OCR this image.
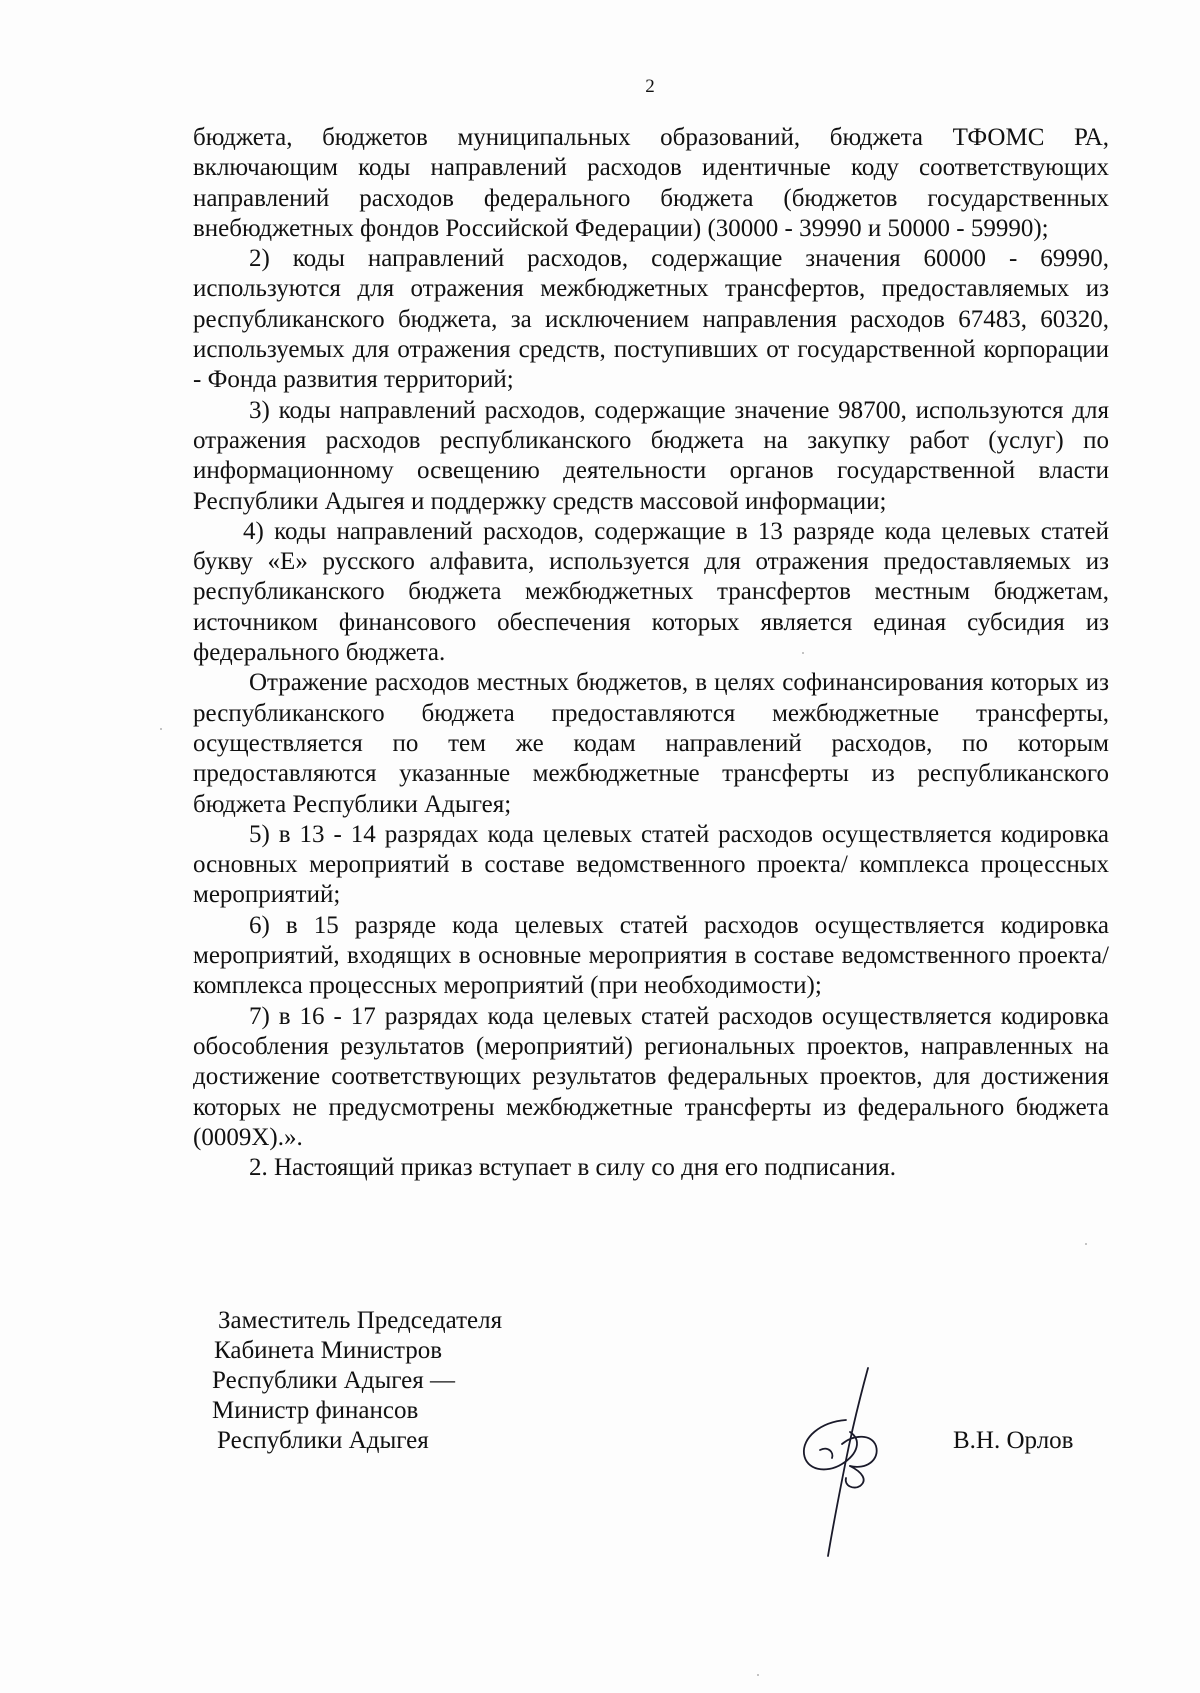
2

бюджета, бюджетов муниципальных образований, бюджета ТФОМС РА, включающим коды направлений расходов идентичные коду соответствующих направлений расходов федерального бюджета (бюджетов государственных внебюджетных фондов Российской Федерации) (30000 - 39990 и 50000 - 59990);

2) коды направлений расходов, содержащие значения 60000 - 69990, используются для отражения межбюджетных трансфертов, предоставляемых из республиканского бюджета, за исключением направления расходов 67483, 60320, используемых для отражения средств, поступивших от государственной корпорации - Фонда развития территорий;

3) коды направлений расходов, содержащие значение 98700, используются для отражения расходов республиканского бюджета на закупку работ (услуг) по информационному освещению деятельности органов государственной власти Республики Адыгея и поддержку средств массовой информации;

4) коды направлений расходов, содержащие в 13 разряде кода целевых статей букву «Е» русского алфавита, используется для отражения предоставляемых из республиканского бюджета межбюджетных трансфертов местным бюджетам, источником финансового обеспечения которых является единая субсидия из федерального бюджета.

Отражение расходов местных бюджетов, в целях софинансирования которых из республиканского бюджета предоставляются межбюджетные трансферты, осуществляется по тем же кодам направлений расходов, по которым предоставляются указанные межбюджетные трансферты из республиканского бюджета Республики Адыгея;

5) в 13 - 14 разрядах кода целевых статей расходов осуществляется кодировка основных мероприятий в составе ведомственного проекта/ комплекса процессных мероприятий;

6) в 15 разряде кода целевых статей расходов осуществляется кодировка мероприятий, входящих в основные мероприятия в составе ведомственного проекта/ комплекса процессных мероприятий (при необходимости);

7) в 16 - 17 разрядах кода целевых статей расходов осуществляется кодировка обособления результатов (мероприятий) региональных проектов, направленных на достижение соответствующих результатов федеральных проектов, для достижения которых не предусмотрены межбюджетные трансферты из федерального бюджета (0009X).».

2. Настоящий приказ вступает в силу со дня его подписания.

Заместитель Председателя
Кабинета Министров
Республики Адыгея —
Министр финансов
Республики Адыгея	В.Н. Орлов
